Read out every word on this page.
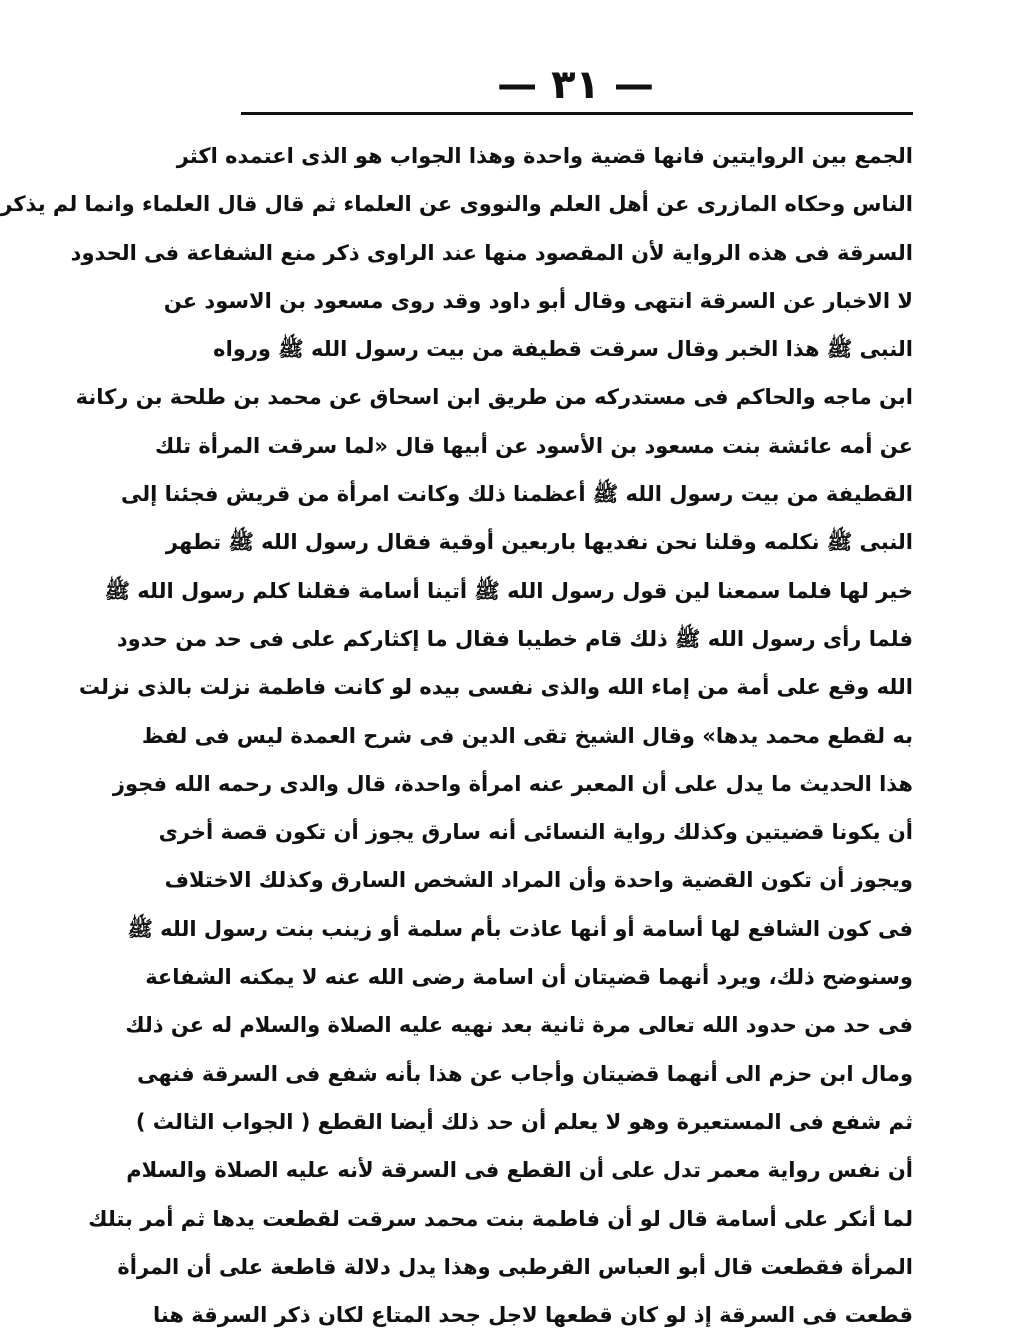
— ٣١ —
الجمع بين الروايتين فانها قضية واحدة وهذا الجواب هو الذى اعتمده اكثر
الناس وحكاه المازرى عن أهل العلم والنووى عن العلماء ثم قال قال العلماء وانما لم يذكر
السرقة فى هذه الرواية لأن المقصود منها عند الراوى ذكر منع الشفاعة فى الحدود
لا الاخبار عن السرقة انتهى وقال أبو داود وقد روى مسعود بن الاسود عن
النبى ﷺ هذا الخبر وقال سرقت قطيفة من بيت رسول الله ﷺ ورواه
ابن ماجه والحاكم فى مستدركه من طريق ابن اسحاق عن محمد بن طلحة بن ركانة
عن أمه عائشة بنت مسعود بن الأسود عن أبيها قال «لما سرقت المرأة تلك
القطيفة من بيت رسول الله ﷺ أعظمنا ذلك وكانت امرأة من قريش فجئنا إلى
النبى ﷺ نكلمه وقلنا نحن نفديها باربعين أوقية فقال رسول الله ﷺ تطهر
خير لها فلما سمعنا لين قول رسول الله ﷺ أتينا أسامة فقلنا كلم رسول الله ﷺ
فلما رأى رسول الله ﷺ ذلك قام خطيبا فقال ما إكثاركم على فى حد من حدود
الله وقع على أمة من إماء الله والذى نفسى بيده لو كانت فاطمة نزلت بالذى نزلت
به لقطع محمد يدها» وقال الشيخ تقى الدين فى شرح العمدة ليس فى لفظ
هذا الحديث ما يدل على أن المعبر عنه امرأة واحدة، قال والدى رحمه الله فجوز
أن يكونا قضيتين وكذلك رواية النسائى أنه سارق يجوز أن تكون قصة أخرى
ويجوز أن تكون القضية واحدة وأن المراد الشخص السارق وكذلك الاختلاف
فى كون الشافع لها أسامة أو أنها عاذت بأم سلمة أو زينب بنت رسول الله ﷺ
وسنوضح ذلك، ويرد أنهما قضيتان أن اسامة رضى الله عنه لا يمكنه الشفاعة
فى حد من حدود الله تعالى مرة ثانية بعد نهيه عليه الصلاة والسلام له عن ذلك
ومال ابن حزم الى أنهما قضيتان وأجاب عن هذا بأنه شفع فى السرقة فنهى
ثم شفع فى المستعيرة وهو لا يعلم أن حد ذلك أيضا القطع ( الجواب الثالث )
أن نفس رواية معمر تدل على أن القطع فى السرقة لأنه عليه الصلاة والسلام
لما أنكر على أسامة قال لو أن فاطمة بنت محمد سرقت لقطعت يدها ثم أمر بتلك
المرأة فقطعت قال أبو العباس القرطبى وهذا يدل دلالة قاطعة على أن المرأة
قطعت فى السرقة إذ لو كان قطعها لاجل جحد المتاع لكان ذكر السرقة هنا
